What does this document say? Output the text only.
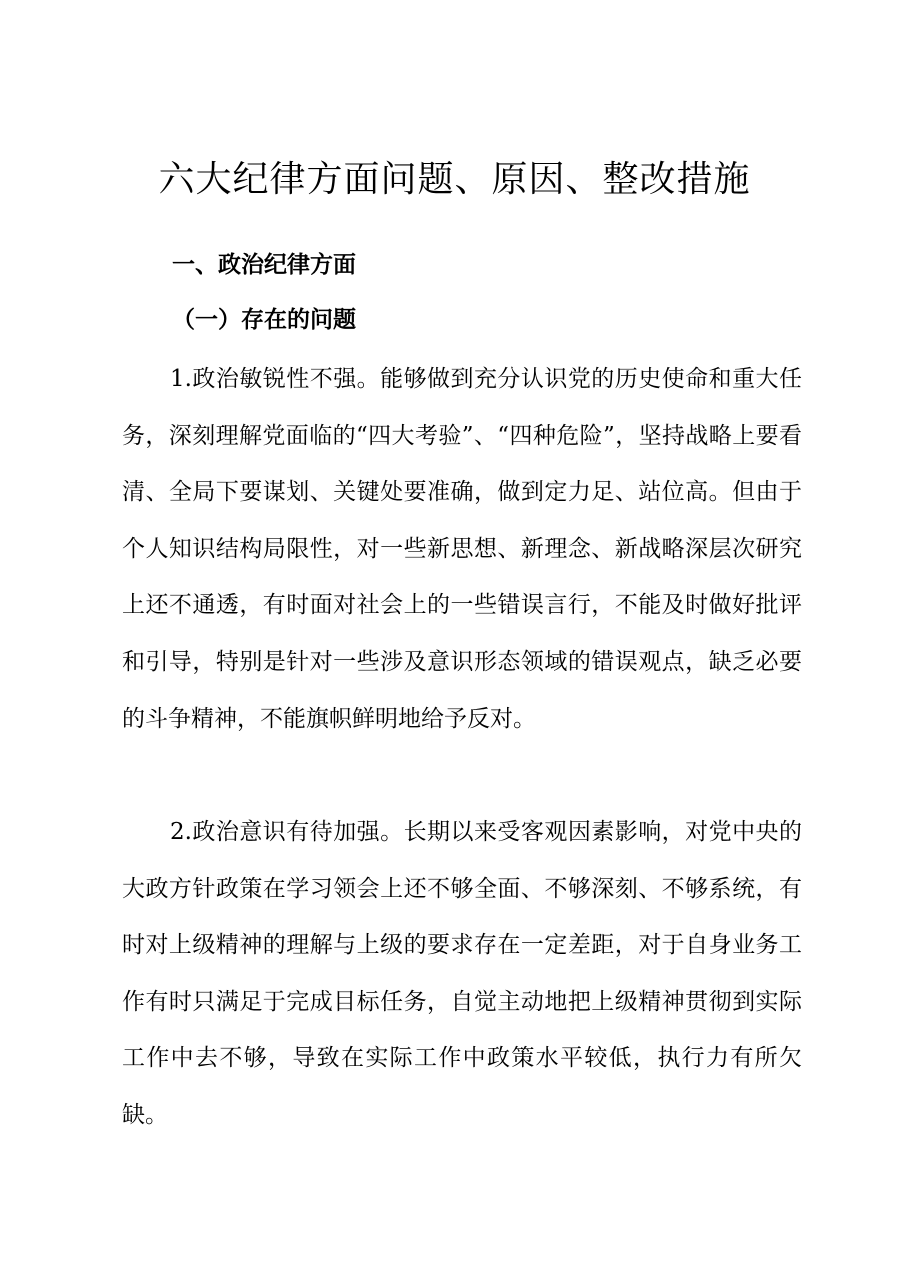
六大纪律方面问题、原因、整改措施
一、政治纪律方面
（一）存在的问题

1.政治敏锐性不强。能够做到充分认识党的历史使命和重大任务，深刻理解党面临的“四大考验”、“四种危险”，坚持战略上要看清、全局下要谋划、关键处要准确，做到定力足、站位高。但由于个人知识结构局限性，对一些新思想、新理念、新战略深层次研究上还不通透，有时面对社会上的一些错误言行，不能及时做好批评和引导，特别是针对一些涉及意识形态领域的错误观点，缺乏必要的斗争精神，不能旗帜鲜明地给予反对。

2.政治意识有待加强。长期以来受客观因素影响，对党中央的大政方针政策在学习领会上还不够全面、不够深刻、不够系统，有时对上级精神的理解与上级的要求存在一定差距，对于自身业务工作有时只满足于完成目标任务，自觉主动地把上级精神贯彻到实际工作中去不够，导致在实际工作中政策水平较低，执行力有所欠缺。
